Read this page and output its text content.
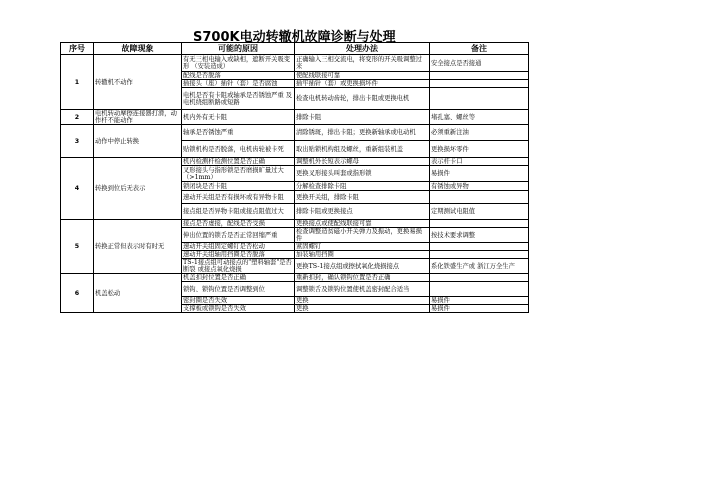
S700K电动转辙机故障诊断与处理
序号	故障现象	可能的原因	处理办法	备注
1	转辙机不动作	有无三相电输入或缺相，遮断开关吸变形 （安装造成）	正确输入三相交流电，将变形的开关吸调整过来	安全接点是否接通
		配线是否脱落	使配线联接可靠	
		插接头（座）插针（套）是否腐蚀	插牢插针（套）或更换损坏件	
		电机是否有卡阻或轴承是否锈蚀严重 及电机绕组断路或短路	检查电机转动齿轮，排出卡阻或更换电机	
2	电机转动摩擦连接器打滑，动作杆不能动作	机内外有无卡阻	排除卡阻	堵孔塞、螺丝等
3	动作中停止转换	轴承是否锈蚀严重	清除锈斑，排出卡阻；更换新轴承或电动机	必须重新注油
		贴锁机构是否脱落，电机齿轮被卡死	取出贴锁机构组及螺丝，重新组装机盖	更换损坏零件
4	转换到位后无表示	机内检测杆检测位置是否正确	调整机外长短表示螺母	表示杆卡口
		叉形接头与指形锁是否磨损旷量过大（>1mm）	更换叉形接头叫套或指形锁	易损件
		锁闭块是否卡阻	分解检查排除卡阻	有锈蚀或异物
		速动开关组是否有损坏或有异物卡阻	更换开关组，排除卡阻	
		接点组是否异物卡阻或接点阻值过大	排除卡阻或更换接点	定期测试电阻值
5	转换正常但表示时有时无	接点是否虚接，配线是否受损	更换接点或使配线联接可靠	
		伸出位置的锁舌是否正常回缩严重	检查调整造贫磁小开关弹力及振动，更换易损件	按技术要求调整
		速动开关组固定螺钉是否松动	紧固螺钉	
		速动开关组轴用挡圈是否脱落	加装轴用挡圈	
		TS-1接点组可动接点的"塑料轴套"是否断裂 或接点氧化烧损	更换TS-1接点组或擦拭氧化烧损接点	系化铁盛生产或 浙江万全生产
6	机盖松动	机盖扣封位置是否正确	重新扣封，确认锁钩位置是否正确	
		锁钩、锁钩位置是否调整到位	调整锁舌及锁钩位置使机盖密封配合适当	
		密封圈是否失效	更换	易损件
		支撑板或锁钩是否失效	更换	易损件
